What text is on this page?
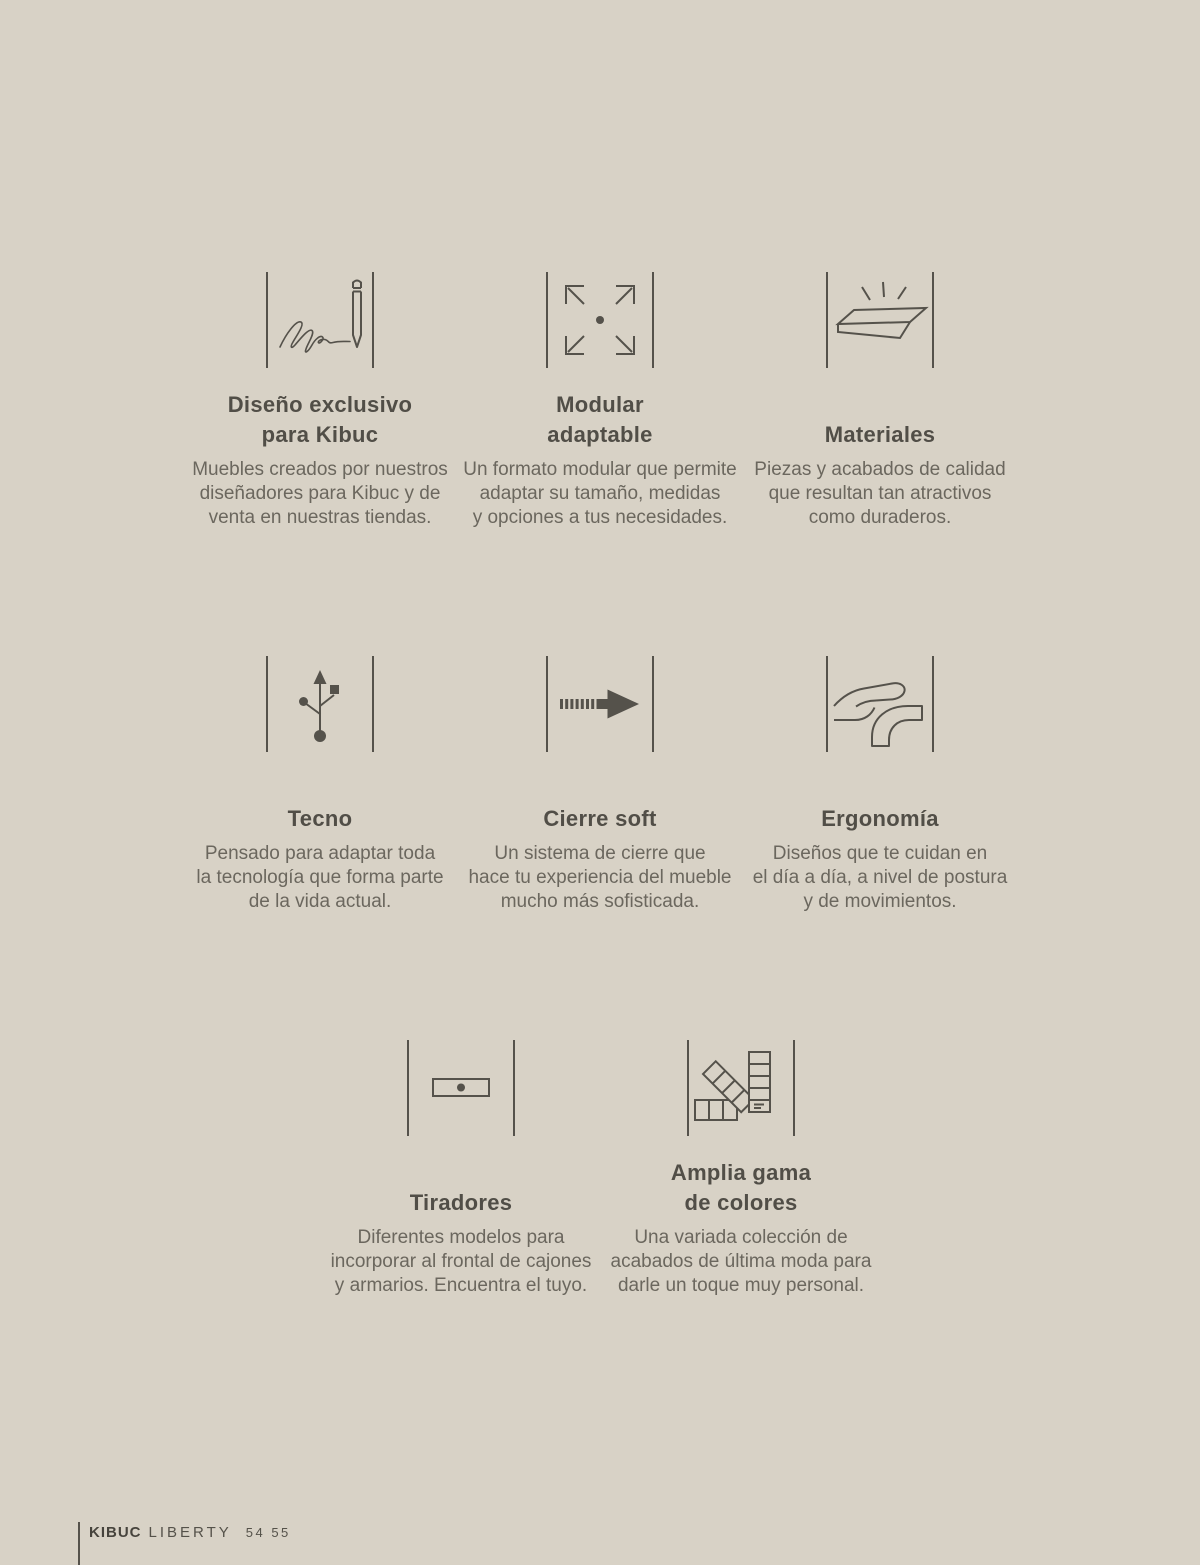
Diseño exclusivo
para Kibuc
Muebles creados por nuestros
diseñadores para Kibuc y de
venta en nuestras tiendas.
Modular
adaptable
Un formato modular que permite
adaptar su tamaño, medidas
y opciones a tus necesidades.
Materiales
Piezas y acabados de calidad
que resultan tan atractivos
como duraderos.
Tecno
Pensado para adaptar toda
la tecnología que forma parte
de la vida actual.
Cierre soft
Un sistema de cierre que
hace tu experiencia del mueble
mucho más sofisticada.
Ergonomía
Diseños que te cuidan en
el día a día, a nivel de postura
y de movimientos.
Tiradores
Diferentes modelos para
incorporar al frontal de cajones
y armarios. Encuentra el tuyo.
Amplia gama
de colores
Una variada colección de
acabados de última moda para
darle un toque muy personal.
KIBUC LIBERTY 54 55
